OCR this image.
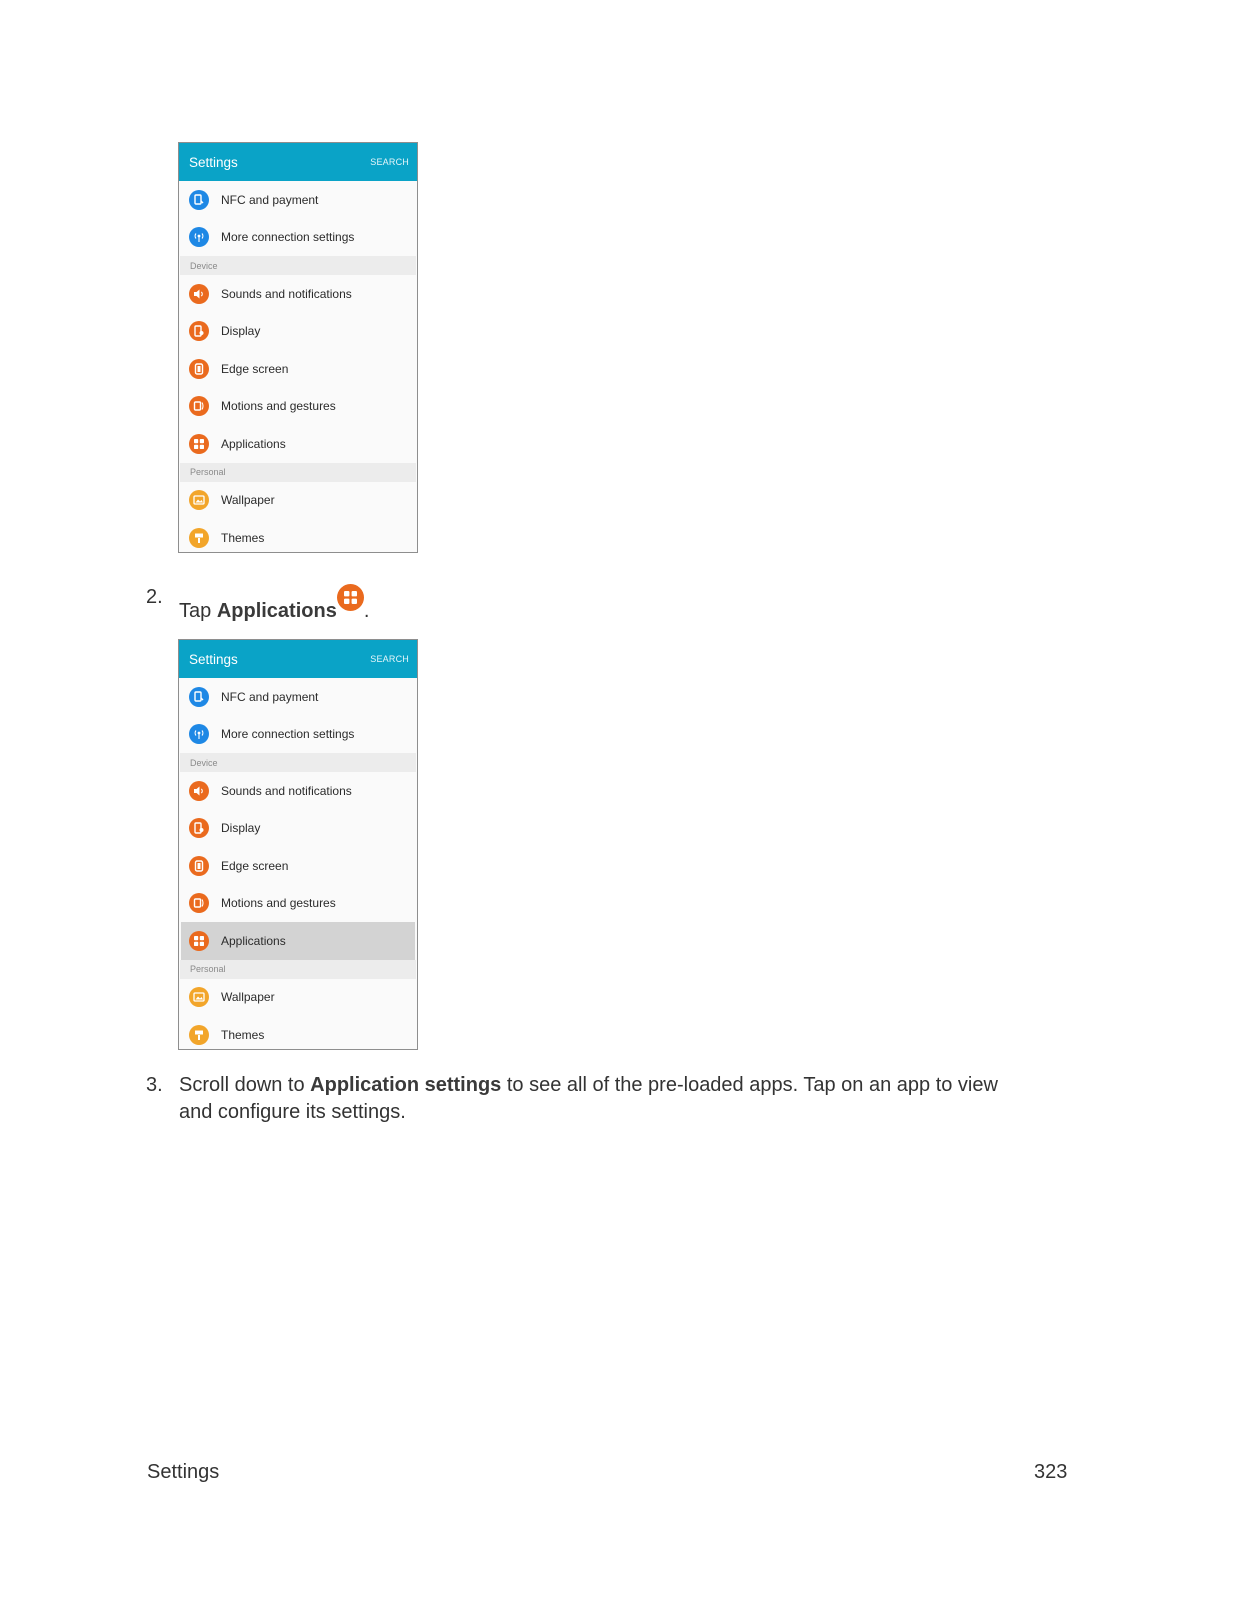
Settings	SEARCH
NFC and payment
More connection settings
Device
Sounds and notifications
Display
Edge screen
Motions and gestures
Applications
Personal
Wallpaper
Themes
2.
Tap Applications .
Settings	SEARCH
NFC and payment
More connection settings
Device
Sounds and notifications
Display
Edge screen
Motions and gestures
Applications
Personal
Wallpaper
Themes
3. Scroll down to Application settings to see all of the pre-loaded apps. Tap on an app to view
and configure its settings.
Settings	323
